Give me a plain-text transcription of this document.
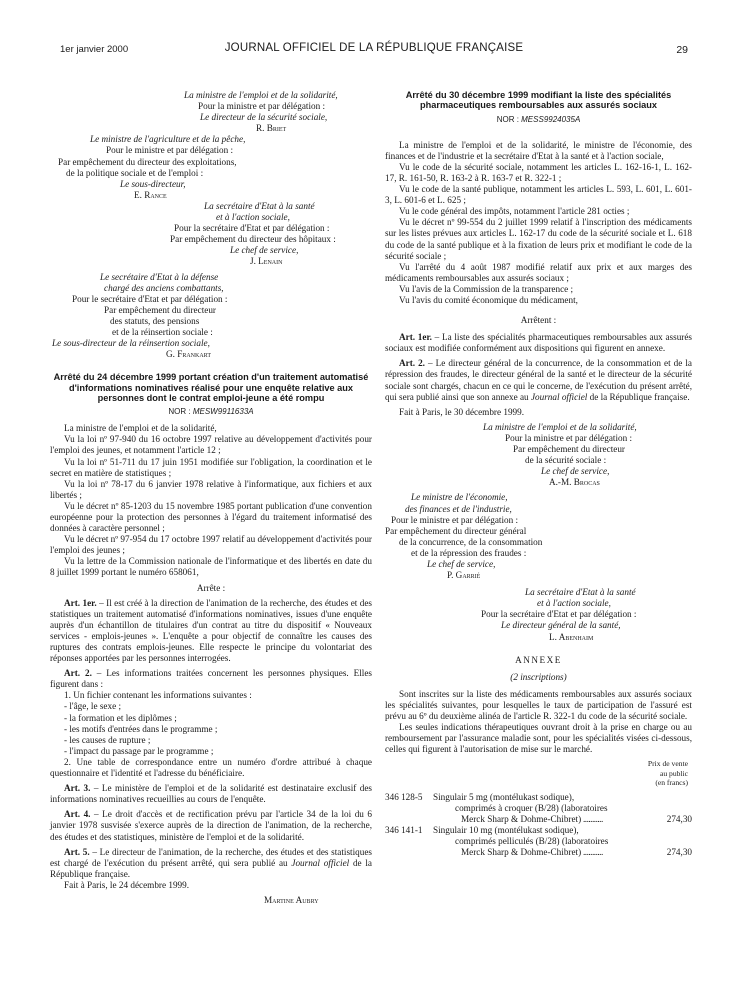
1er janvier 2000	JOURNAL OFFICIEL DE LA RÉPUBLIQUE FRANÇAISE	29
La ministre de l'emploi et de la solidarité,
Pour la ministre et par délégation :
Le directeur de la sécurité sociale,
R. Briet
Le ministre de l'agriculture et de la pêche,
Pour le ministre et par délégation :
Par empêchement du directeur des exploitations,
de la politique sociale et de l'emploi :
Le sous-directeur,
E. Rance
La secrétaire d'Etat à la santé
et à l'action sociale,
Pour la secrétaire d'Etat et par délégation :
Par empêchement du directeur des hôpitaux :
Le chef de service,
J. Lenain
Le secrétaire d'Etat à la défense
chargé des anciens combattants,
Pour le secrétaire d'Etat et par délégation :
Par empêchement du directeur
des statuts, des pensions
et de la réinsertion sociale :
Le sous-directeur de la réinsertion sociale,
G. Frankart
Arrêté du 24 décembre 1999 portant création d'un traitement automatisé d'informations nominatives réalisé pour une enquête relative aux personnes dont le contrat emploi-jeune a été rompu
NOR : MESW9911633A
La ministre de l'emploi et de la solidarité,
Vu la loi nº 97-940 du 16 octobre 1997 relative au développement d'activités pour l'emploi des jeunes, et notamment l'article 12 ;
Vu la loi nº 51-711 du 17 juin 1951 modifiée sur l'obligation, la coordination et le secret en matière de statistiques ;
Vu la loi nº 78-17 du 6 janvier 1978 relative à l'informatique, aux fichiers et aux libertés ;
Vu le décret nº 85-1203 du 15 novembre 1985 portant publication d'une convention européenne pour la protection des personnes à l'égard du traitement informatisé des données à caractère personnel ;
Vu le décret nº 97-954 du 17 octobre 1997 relatif au développement d'activités pour l'emploi des jeunes ;
Vu la lettre de la Commission nationale de l'informatique et des libertés en date du 8 juillet 1999 portant le numéro 658061,
Arrête :
Art. 1er. – Il est créé à la direction de l'animation de la recherche, des études et des statistiques un traitement automatisé d'informations nominatives, issues d'une enquête auprès d'un échantillon de titulaires d'un contrat au titre du dispositif « Nouveaux services - emplois-jeunes ». L'enquête a pour objectif de connaître les causes des ruptures des contrats emplois-jeunes. Elle respecte le principe du volontariat des réponses apportées par les personnes interrogées.
Art. 2. – Les informations traitées concernent les personnes physiques. Elles figurent dans :
1. Un fichier contenant les informations suivantes :
- l'âge, le sexe ;
- la formation et les diplômes ;
- les motifs d'entrées dans le programme ;
- les causes de rupture ;
- l'impact du passage par le programme ;
2. Une table de correspondance entre un numéro d'ordre attribué à chaque questionnaire et l'identité et l'adresse du bénéficiaire.
Art. 3. – Le ministère de l'emploi et de la solidarité est destinataire exclusif des informations nominatives recueillies au cours de l'enquête.
Art. 4. – Le droit d'accès et de rectification prévu par l'article 34 de la loi du 6 janvier 1978 susvisée s'exerce auprès de la direction de l'animation, de la recherche, des études et des statistiques, ministère de l'emploi et de la solidarité.
Art. 5. – Le directeur de l'animation, de la recherche, des études et des statistiques est chargé de l'exécution du présent arrêté, qui sera publié au Journal officiel de la République française.
Fait à Paris, le 24 décembre 1999.
Martine Aubry
Arrêté du 30 décembre 1999 modifiant la liste des spécialités pharmaceutiques remboursables aux assurés sociaux
NOR : MESS9924035A
La ministre de l'emploi et de la solidarité, le ministre de l'économie, des finances et de l'industrie et la secrétaire d'Etat à la santé et à l'action sociale,
Vu le code de la sécurité sociale, notamment les articles L. 162-16-1, L. 162-17, R. 161-50, R. 163-2 à R. 163-7 et R. 322-1 ;
Vu le code de la santé publique, notamment les articles L. 593, L. 601, L. 601-3, L. 601-6 et L. 625 ;
Vu le code général des impôts, notamment l'article 281 octies ;
Vu le décret nº 99-554 du 2 juillet 1999 relatif à l'inscription des médicaments sur les listes prévues aux articles L. 162-17 du code de la sécurité sociale et L. 618 du code de la santé publique et à la fixation de leurs prix et modifiant le code de la sécurité sociale ;
Vu l'arrêté du 4 août 1987 modifié relatif aux prix et aux marges des médicaments remboursables aux assurés sociaux ;
Vu l'avis de la Commission de la transparence ;
Vu l'avis du comité économique du médicament,
Arrêtent :
Art. 1er. – La liste des spécialités pharmaceutiques remboursables aux assurés sociaux est modifiée conformément aux dispositions qui figurent en annexe.
Art. 2. – Le directeur général de la concurrence, de la consommation et de la répression des fraudes, le directeur général de la santé et le directeur de la sécurité sociale sont chargés, chacun en ce qui le concerne, de l'exécution du présent arrêté, qui sera publié ainsi que son annexe au Journal officiel de la République française.
Fait à Paris, le 30 décembre 1999.
La ministre de l'emploi et de la solidarité,
Pour la ministre et par délégation :
Par empêchement du directeur
de la sécurité sociale :
Le chef de service,
A.-M. Brocas
Le ministre de l'économie,
des finances et de l'industrie,
Pour le ministre et par délégation :
Par empêchement du directeur général
de la concurrence, de la consommation
et de la répression des fraudes :
Le chef de service,
P. Garrié
La secrétaire d'Etat à la santé
et à l'action sociale,
Pour la secrétaire d'Etat et par délégation :
Le directeur général de la santé,
L. Abenhaim
ANNEXE
(2 inscriptions)
Sont inscrites sur la liste des médicaments remboursables aux assurés sociaux les spécialités suivantes, pour lesquelles le taux de participation de l'assuré est prévu au 6º du deuxième alinéa de l'article R. 322-1 du code de la sécurité sociale.
Les seules indications thérapeutiques ouvrant droit à la prise en charge ou au remboursement par l'assurance maladie sont, pour les spécialités visées ci-dessous, celles qui figurent à l'autorisation de mise sur le marché.
Prix de vente
au public
(en francs)
346 128-5	Singulair 5 mg (montélukast sodique),
comprimés à croquer (B/28) (laboratoires
Merck Sharp & Dohme-Chibret) ...........	274,30
346 141-1	Singulair 10 mg (montélukast sodique),
comprimés pelliculés (B/28) (laboratoires
Merck Sharp & Dohme-Chibret) ...........	274,30
